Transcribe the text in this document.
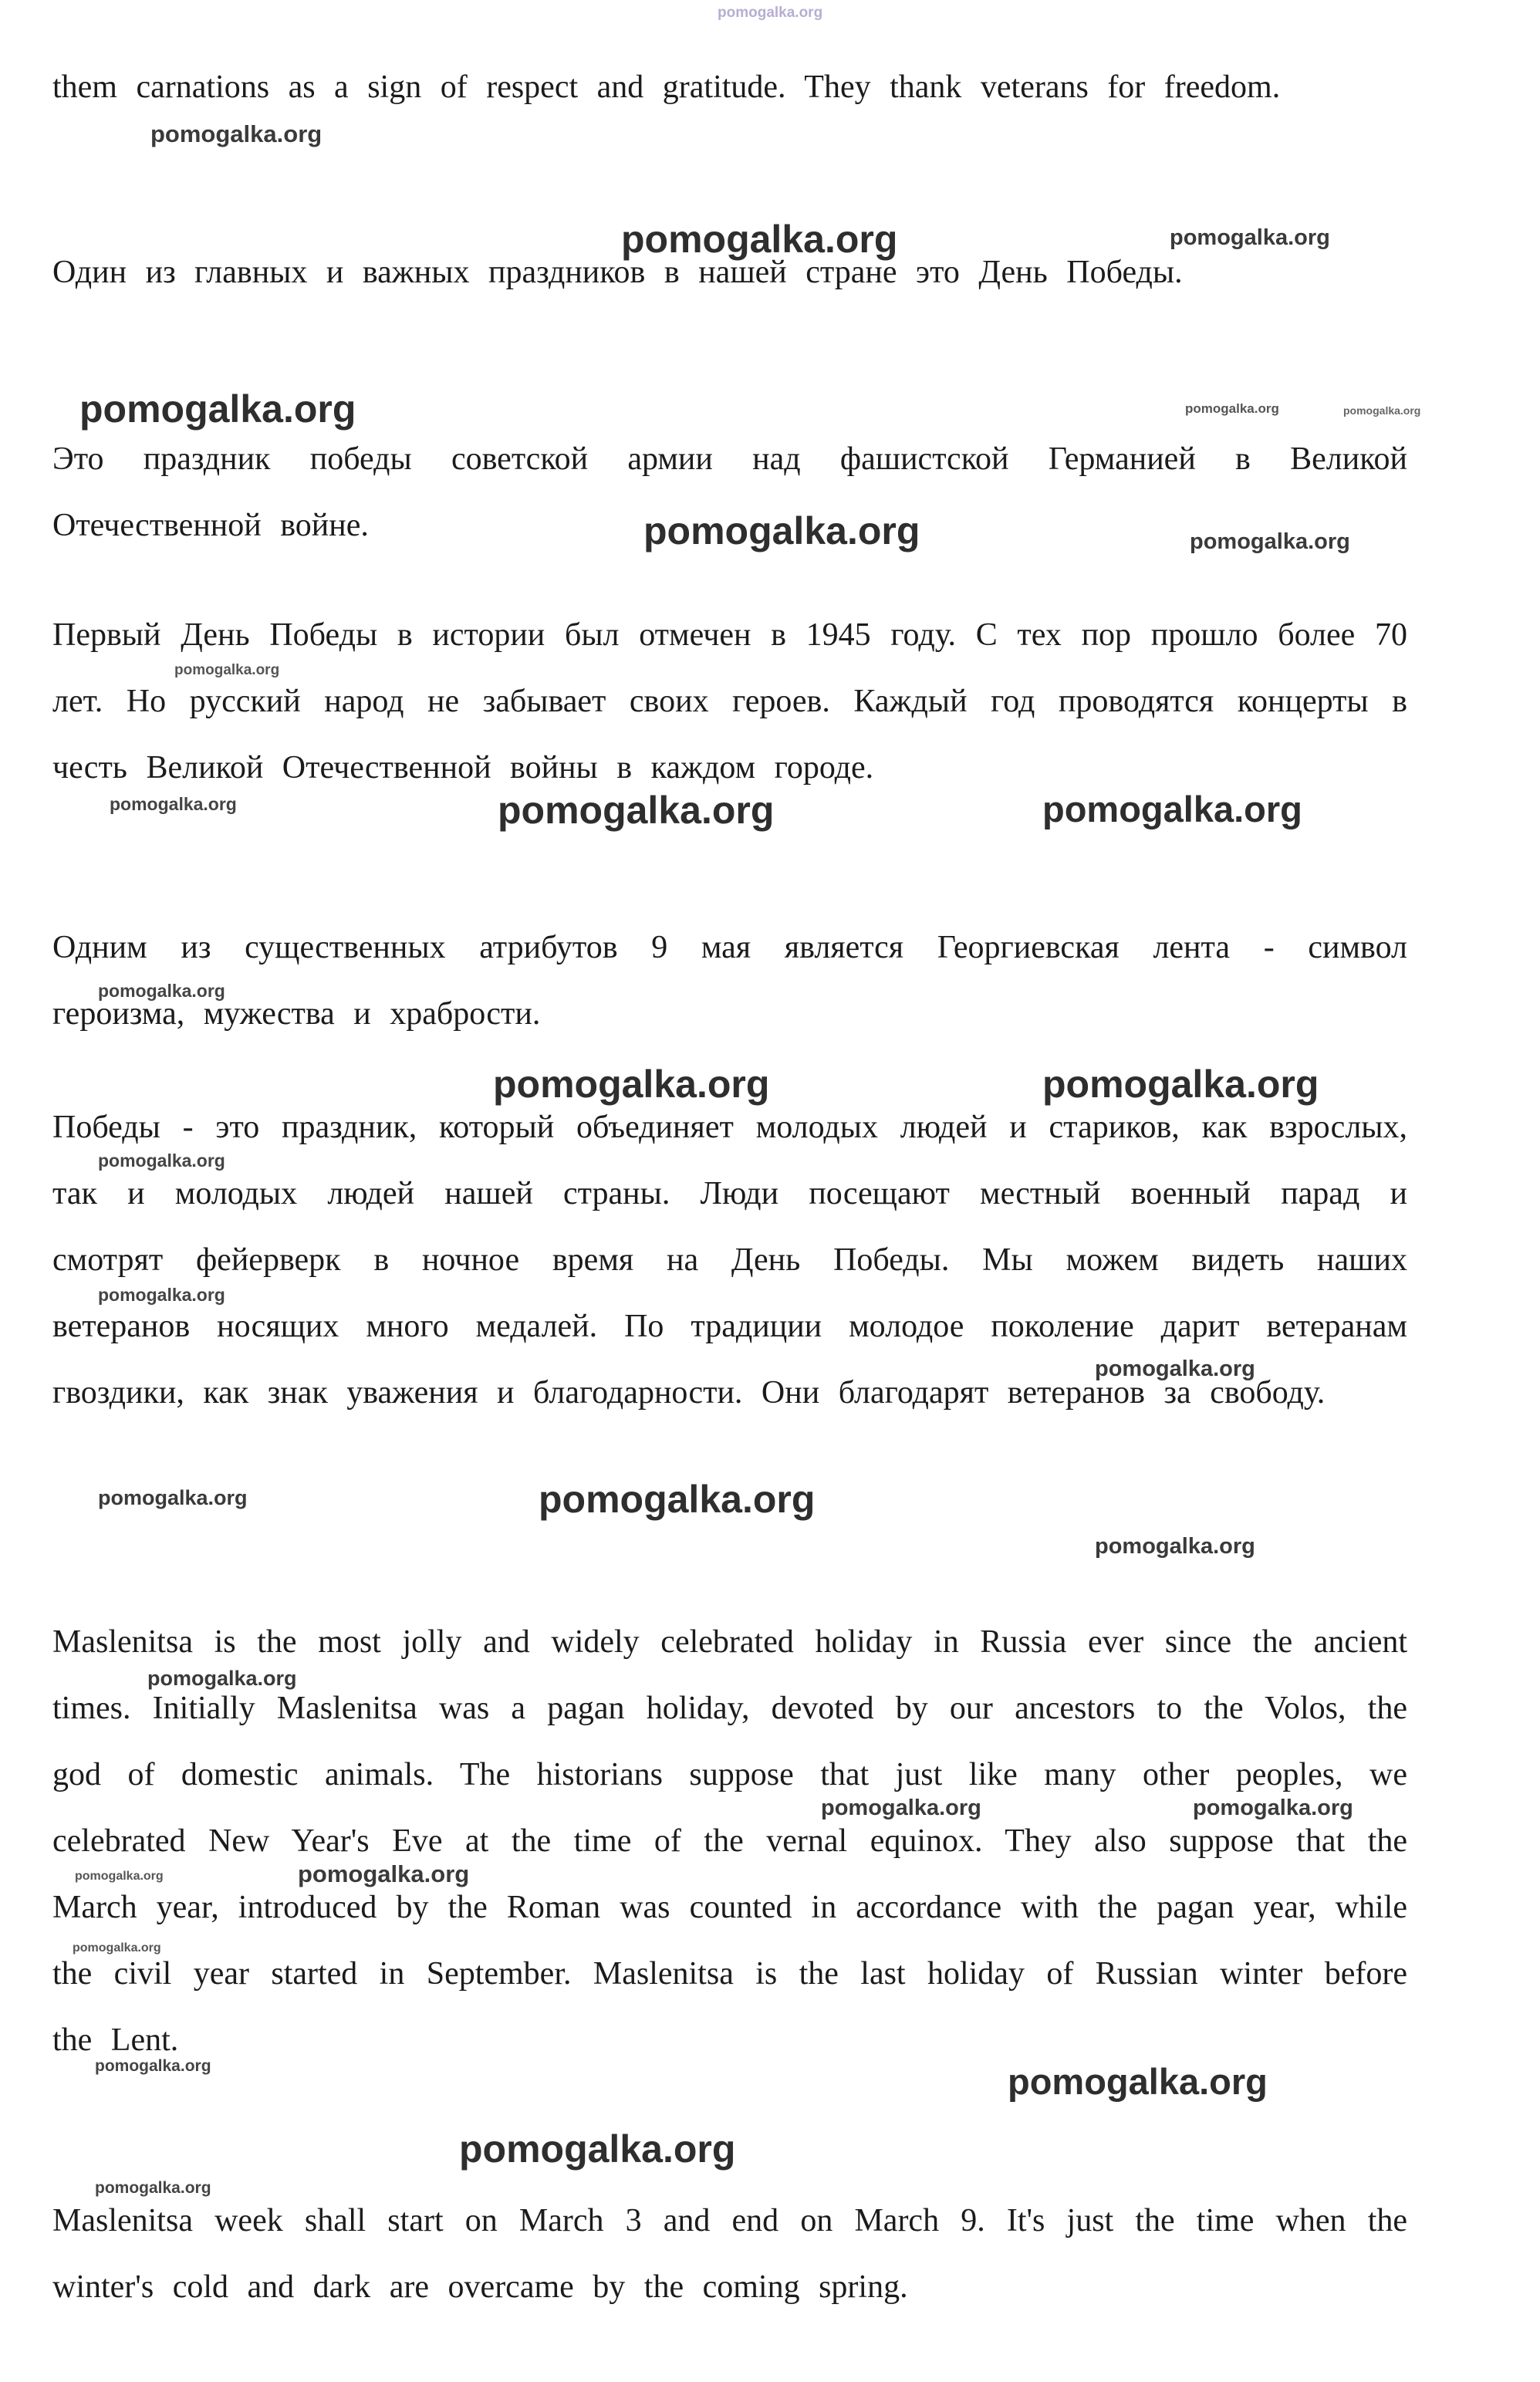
them carnations as a sign of respect and gratitude. They thank veterans for freedom.

Один из главных и важных праздников в нашей стране это День Победы.

Это праздник победы советской армии над фашистской Германией в Великой Отечественной войне.

Первый День Победы в истории был отмечен в 1945 году. С тех пор прошло более 70 лет. Но русский народ не забывает своих героев. Каждый год проводятся концерты в честь Великой Отечественной войны в каждом городе.

Одним из существенных атрибутов 9 мая является Георгиевская лента - символ героизма, мужества и храбрости.

Победы - это праздник, который объединяет молодых людей и стариков, как взрослых, так и молодых людей нашей страны. Люди посещают местный военный парад и смотрят фейерверк в ночное время на День Победы. Мы можем видеть наших ветеранов носящих много медалей. По традиции молодое поколение дарит ветеранам гвоздики, как знак уважения и благодарности. Они благодарят ветеранов за свободу.

Maslenitsa is the most jolly and widely celebrated holiday in Russia ever since the ancient times. Initially Maslenitsa was a pagan holiday, devoted by our ancestors to the Volos, the god of domestic animals. The historians suppose that just like many other peoples, we celebrated New Year's Eve at the time of the vernal equinox. They also suppose that the March year, introduced by the Roman was counted in accordance with the pagan year, while the civil year started in September. Maslenitsa is the last holiday of Russian winter before the Lent.

Maslenitsa week shall start on March 3 and end on March 9. It's just the time when the winter's cold and dark are overcame by the coming spring.

pomogalka.org
pomogalka.org
pomogalka.org	pomogalka.org
pomogalka.org	pomogalka.org	pomogalka.org
pomogalka.org	pomogalka.org
pomogalka.org
pomogalka.org	pomogalka.org	pomogalka.org
pomogalka.org
pomogalka.org	pomogalka.org
pomogalka.org
pomogalka.org
pomogalka.org
pomogalka.org	pomogalka.org
pomogalka.org
pomogalka.org
pomogalka.org	pomogalka.org
pomogalka.org	pomogalka.org
pomogalka.org
pomogalka.org	pomogalka.org
pomogalka.org
pomogalka.org
